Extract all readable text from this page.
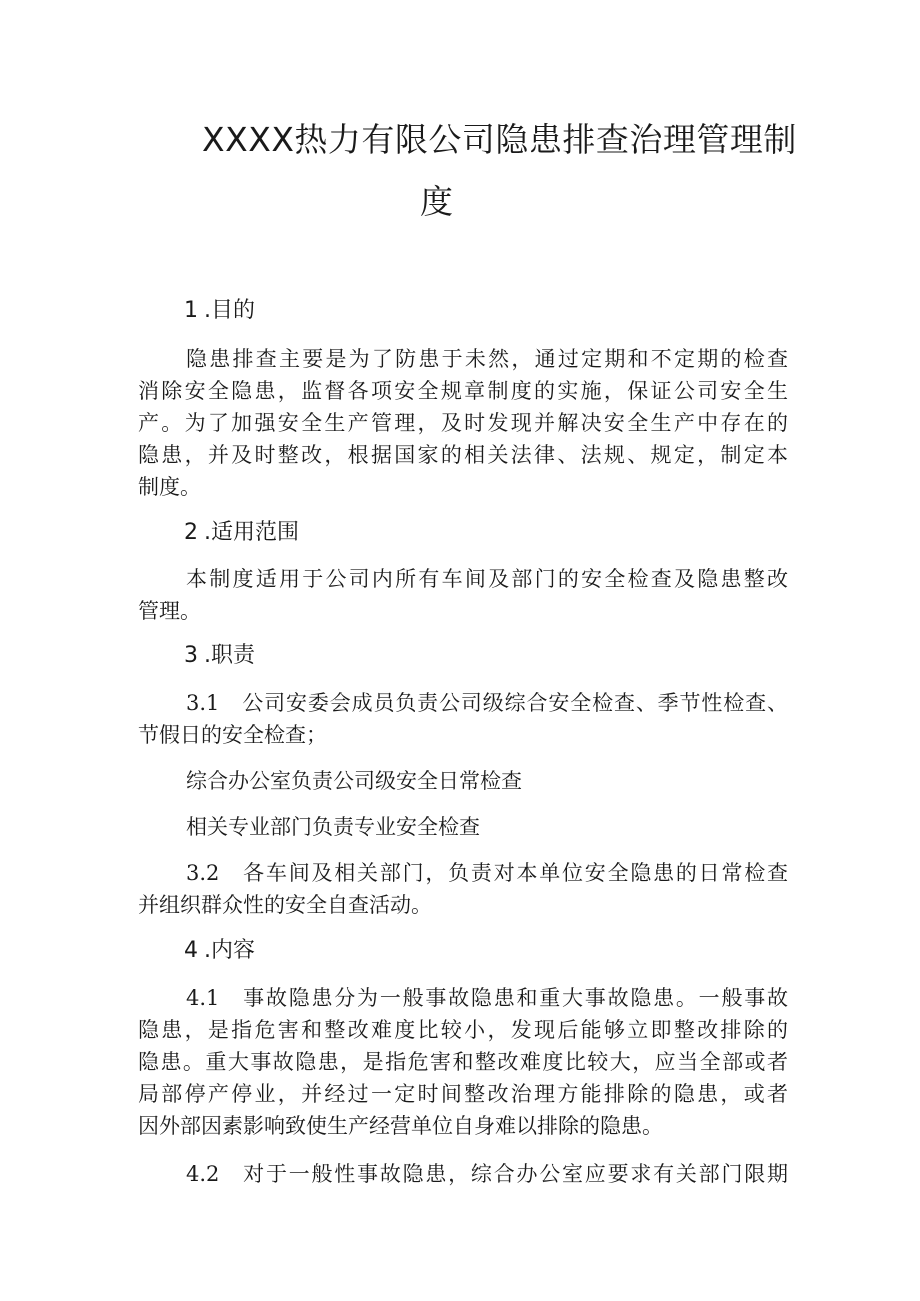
XXXX热力有限公司隐患排查治理管理制
度
1 .目的
隐患排查主要是为了防患于未然，通过定期和不定期的检查
消除安全隐患，监督各项安全规章制度的实施，保证公司安全生
产。为了加强安全生产管理，及时发现并解决安全生产中存在的
隐患，并及时整改，根据国家的相关法律、法规、规定，制定本
制度。
2 .适用范围
本制度适用于公司内所有车间及部门的安全检查及隐患整改
管理。
3 .职责
3.1 公司安委会成员负责公司级综合安全检查、季节性检查、
节假日的安全检查；
综合办公室负责公司级安全日常检查
相关专业部门负责专业安全检查
3.2 各车间及相关部门，负责对本单位安全隐患的日常检查
并组织群众性的安全自查活动。
4 .内容
4.1 事故隐患分为一般事故隐患和重大事故隐患。一般事故
隐患，是指危害和整改难度比较小，发现后能够立即整改排除的
隐患。重大事故隐患，是指危害和整改难度比较大，应当全部或者
局部停产停业，并经过一定时间整改治理方能排除的隐患，或者
因外部因素影响致使生产经营单位自身难以排除的隐患。
4.2 对于一般性事故隐患，综合办公室应要求有关部门限期
